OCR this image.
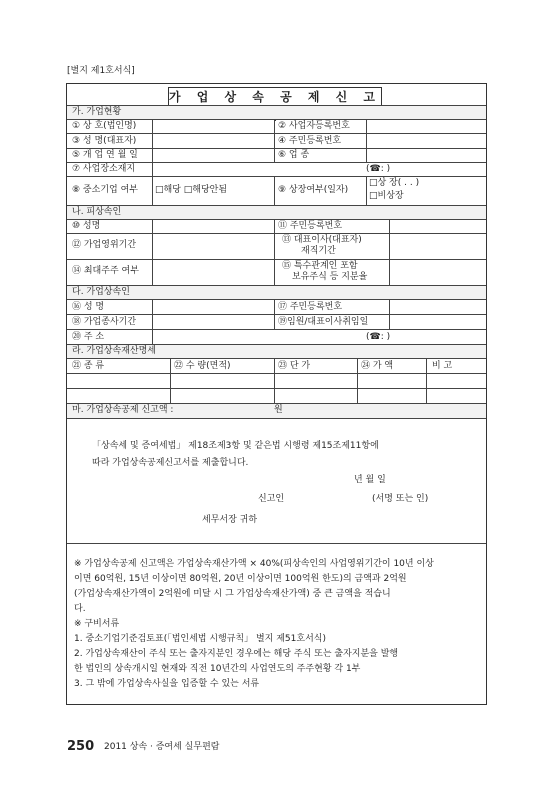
[별지 제1호서식]
가 업 상 속 공 제 신 고
가. 가업현황
① 상 호(법인명)	② 사업자등록번호
③ 성 명(대표자)	④ 주민등록번호
⑤ 개 업 연 월 일	⑥ 업 종
⑦ 사업장소재지	(☎: )
⑧ 중소기업 여부 □해당 □해당안됨	⑨ 상장여부(일자)
□상 장( . . )
□비상장
나. 피상속인
⑩ 성명	⑪ 주민등록번호
⑫ 가업영위기간	⑬ 대표이사(대표자)
재직기간
⑭ 최대주주 여부	⑮ 특수관계인 포함
보유주식 등 지분율
다. 가업상속인
⑯ 성 명	⑰ 주민등록번호
⑱ 가업종사기간	⑲임원/대표이사취임일
⑳ 주 소	(☎: )
라. 가업상속재산명세
㉑ 종 류	㉒ 수 량(면적)	㉓ 단 가	㉔ 가 액	비 고
마. 가업상속공제 신고액 :	원
「상속세 및 증여세법」 제18조제3항 및 같은법 시행령 제15조제11항에
따라 가업상속공제신고서를 제출합니다.
년 월 일
신고인	(서명 또는 인)
세무서장 귀하
※ 가업상속공제 신고액은 가업상속재산가액 × 40%(피상속인의 사업영위기간이 10년 이상
이면 60억원, 15년 이상이면 80억원, 20년 이상이면 100억원 한도)의 금액과 2억원
(가업상속재산가액이 2억원에 미달 시 그 가업상속재산가액) 중 큰 금액을 적습니
다.
※ 구비서류
1. 중소기업기준검토표(「법인세법 시행규칙」 별지 제51호서식)
2. 가업상속재산이 주식 또는 출자지분인 경우에는 해당 주식 또는 출자지분을 발행
한 법인의 상속개시일 현재와 직전 10년간의 사업연도의 주주현황 각 1부
3. 그 밖에 가업상속사실을 입증할 수 있는 서류
250 2011 상속 · 증여세 실무편람
